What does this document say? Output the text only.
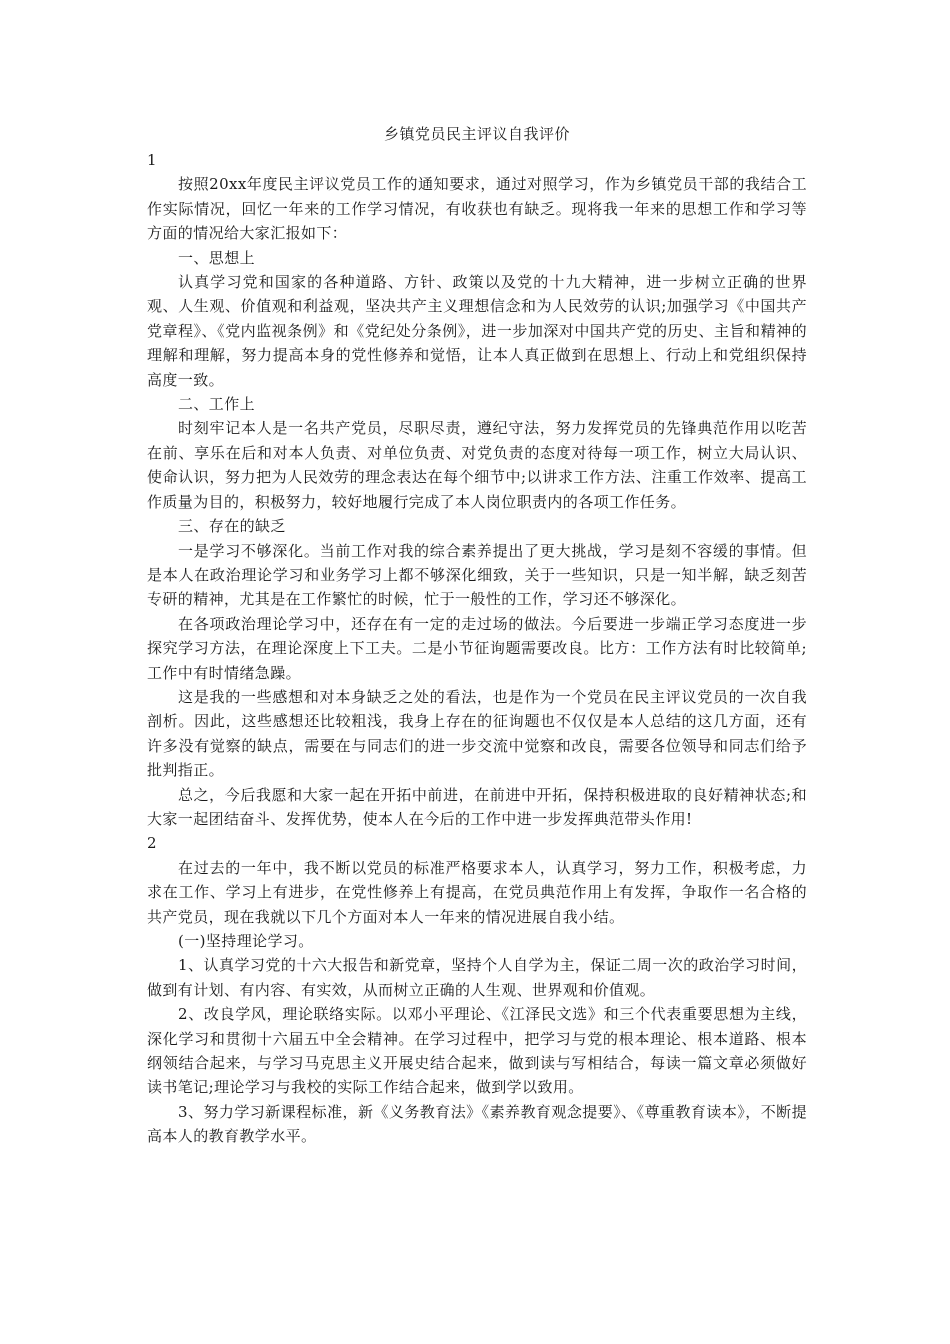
乡镇党员民主评议自我评价
1

按照20xx年度民主评议党员工作的通知要求，通过对照学习，作为乡镇党员干部的我结合工作实际情况，回忆一年来的工作学习情况，有收获也有缺乏。现将我一年来的思想工作和学习等方面的情况给大家汇报如下：

一、思想上

认真学习党和国家的各种道路、方针、政策以及党的十九大精神，进一步树立正确的世界观、人生观、价值观和利益观，坚决共产主义理想信念和为人民效劳的认识;加强学习《中国共产党章程》、《党内监视条例》和《党纪处分条例》，进一步加深对中国共产党的历史、主旨和精神的理解和理解，努力提高本身的党性修养和觉悟，让本人真正做到在思想上、行动上和党组织保持高度一致。

二、工作上

时刻牢记本人是一名共产党员，尽职尽责，遵纪守法，努力发挥党员的先锋典范作用以吃苦在前、享乐在后和对本人负责、对单位负责、对党负责的态度对待每一项工作，树立大局认识、使命认识，努力把为人民效劳的理念表达在每个细节中;以讲求工作方法、注重工作效率、提高工作质量为目的，积极努力，较好地履行完成了本人岗位职责内的各项工作任务。

三、存在的缺乏

一是学习不够深化。当前工作对我的综合素养提出了更大挑战，学习是刻不容缓的事情。但是本人在政治理论学习和业务学习上都不够深化细致，关于一些知识，只是一知半解，缺乏刻苦专研的精神，尤其是在工作繁忙的时候，忙于一般性的工作，学习还不够深化。

在各项政治理论学习中，还存在有一定的走过场的做法。今后要进一步端正学习态度进一步探究学习方法，在理论深度上下工夫。二是小节征询题需要改良。比方：工作方法有时比较简单;工作中有时情绪急躁。

这是我的一些感想和对本身缺乏之处的看法，也是作为一个党员在民主评议党员的一次自我剖析。因此，这些感想还比较粗浅，我身上存在的征询题也不仅仅是本人总结的这几方面，还有许多没有觉察的缺点，需要在与同志们的进一步交流中觉察和改良，需要各位领导和同志们给予批判指正。

总之，今后我愿和大家一起在开拓中前进，在前进中开拓，保持积极进取的良好精神状态;和大家一起团结奋斗、发挥优势，使本人在今后的工作中进一步发挥典范带头作用!

2

在过去的一年中，我不断以党员的标准严格要求本人，认真学习，努力工作，积极考虑，力求在工作、学习上有进步，在党性修养上有提高，在党员典范作用上有发挥，争取作一名合格的共产党员，现在我就以下几个方面对本人一年来的情况进展自我小结。

(一)坚持理论学习。

1、认真学习党的十六大报告和新党章，坚持个人自学为主，保证二周一次的政治学习时间，做到有计划、有内容、有实效，从而树立正确的人生观、世界观和价值观。

2、改良学风，理论联络实际。以邓小平理论、《江泽民文选》和三个代表重要思想为主线，深化学习和贯彻十六届五中全会精神。在学习过程中，把学习与党的根本理论、根本道路、根本纲领结合起来，与学习马克思主义开展史结合起来，做到读与写相结合，每读一篇文章必须做好读书笔记;理论学习与我校的实际工作结合起来，做到学以致用。

3、努力学习新课程标准，新《义务教育法》《素养教育观念提要》、《尊重教育读本》，不断提高本人的教育教学水平。
